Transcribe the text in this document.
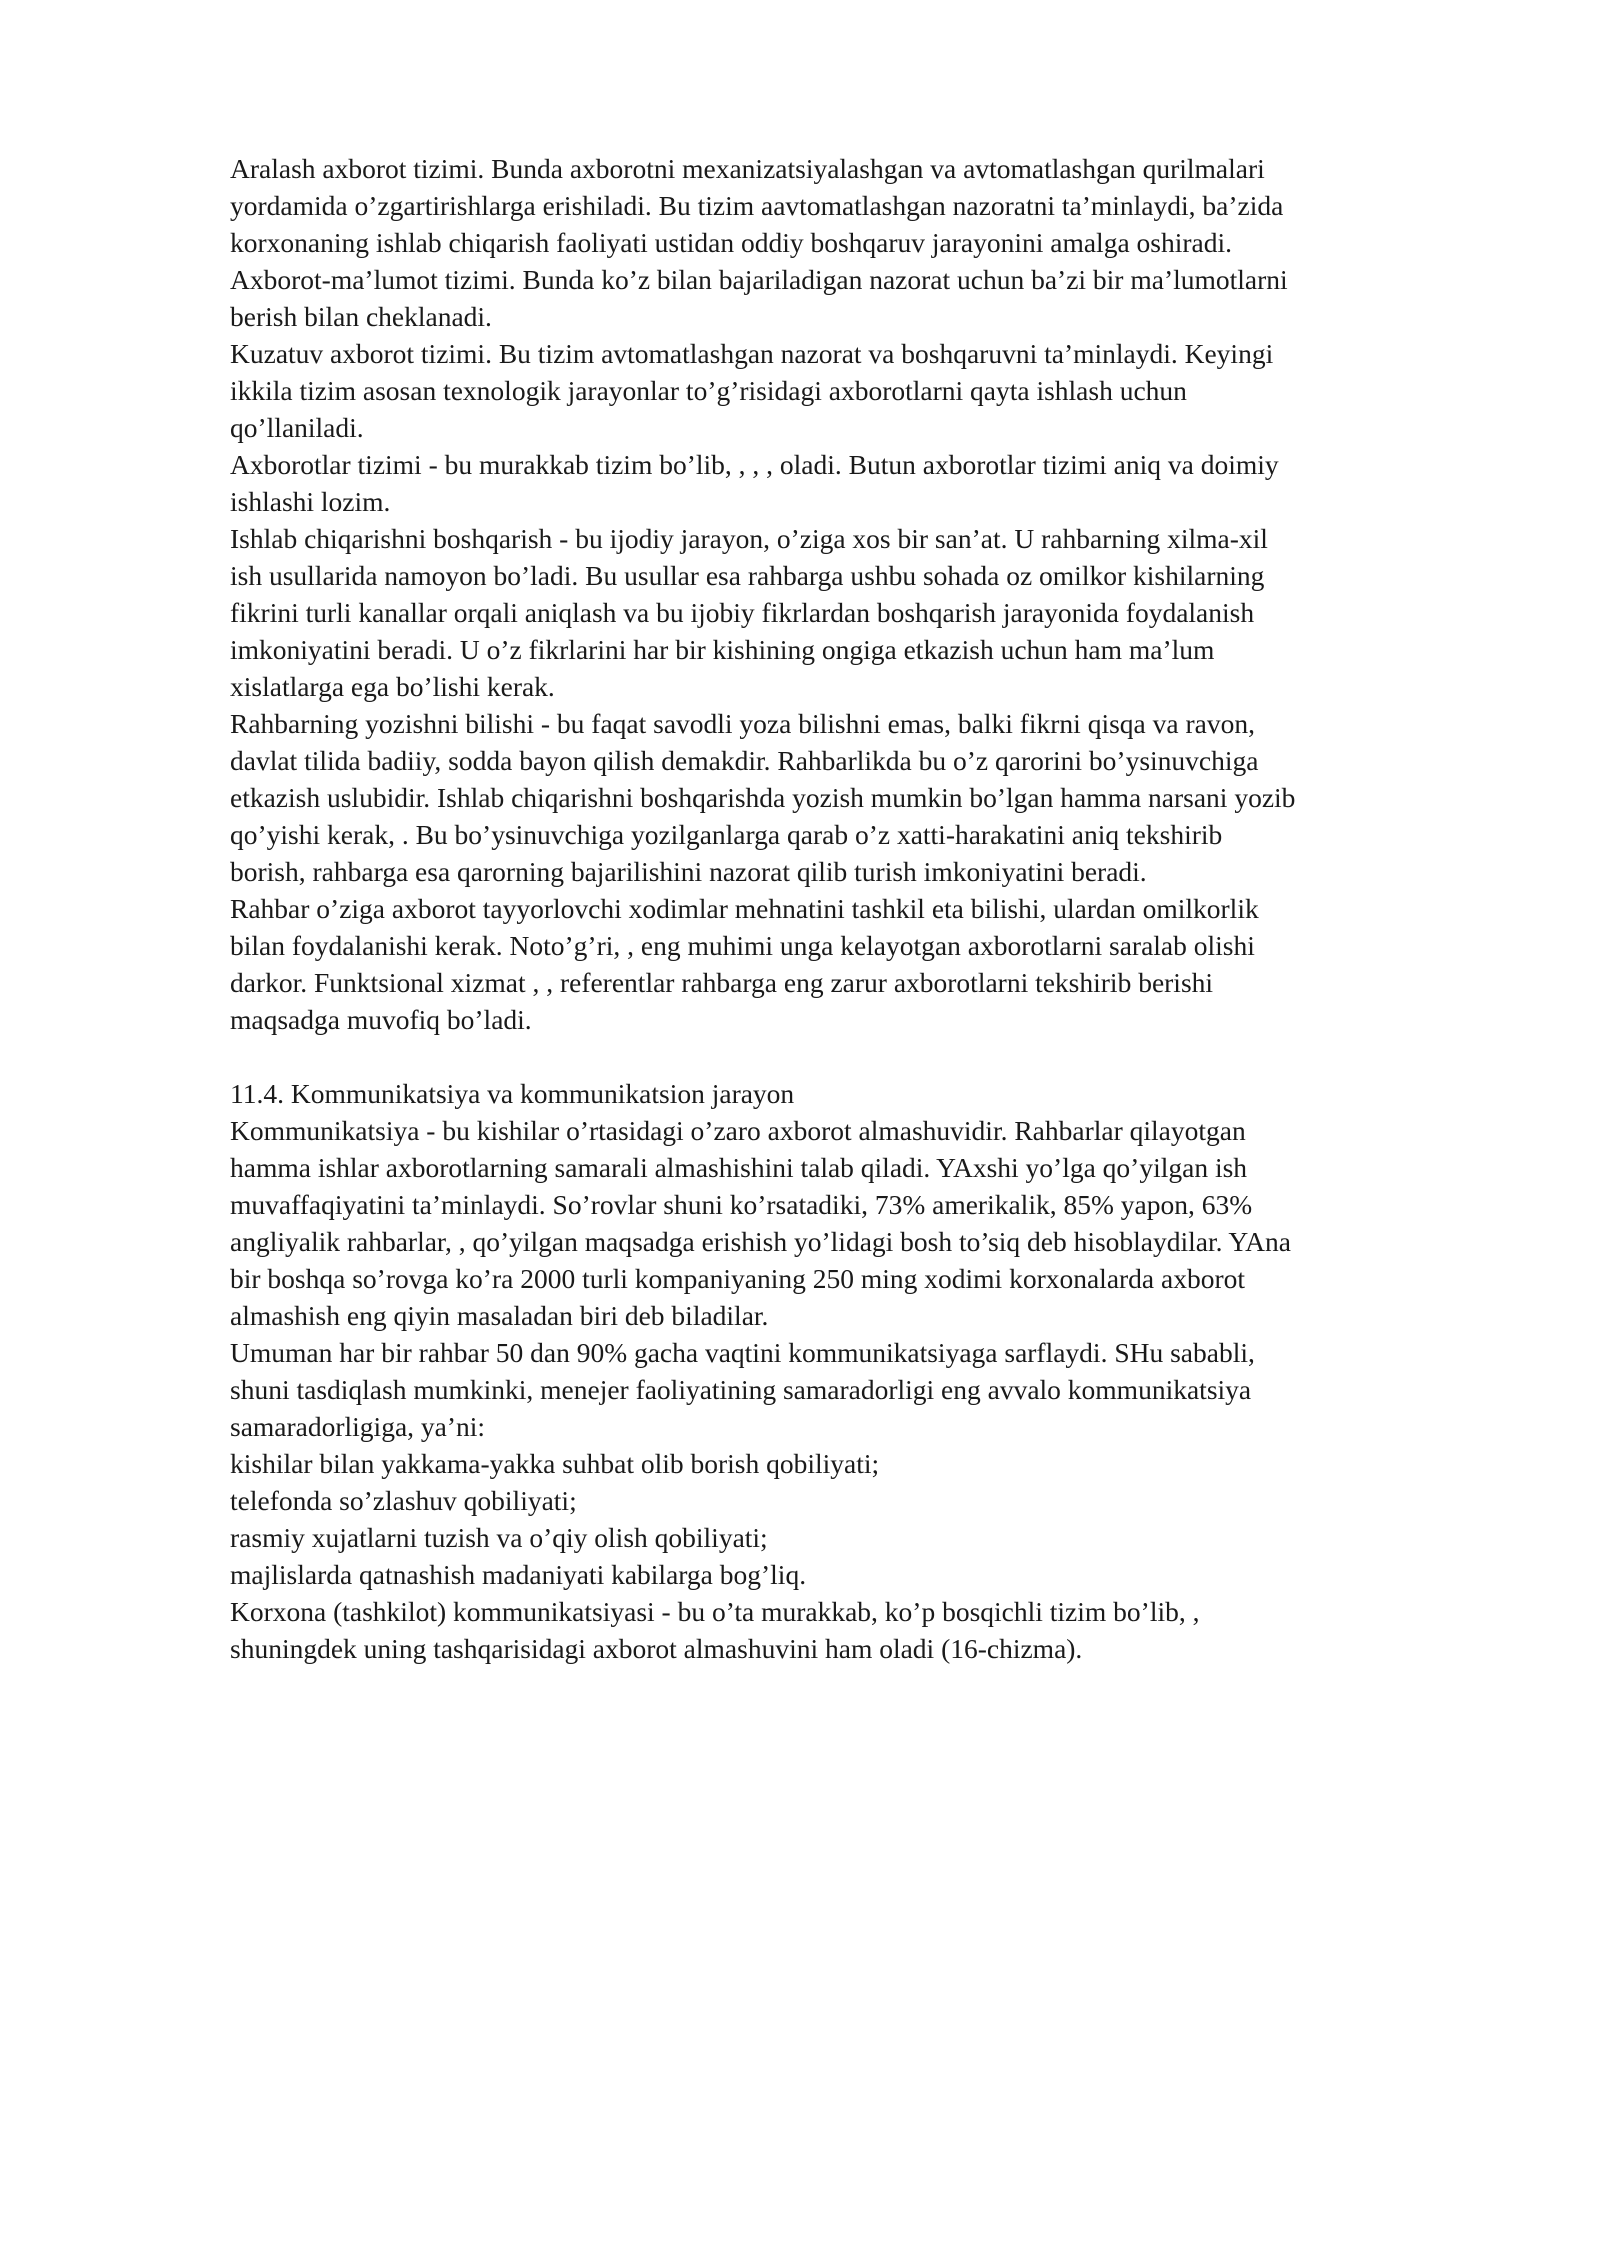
Aralash axborot tizimi. Bunda axborotni mexanizatsiyalashgan va avtomatlashgan qurilmalari
yordamida o’zgartirishlarga erishiladi. Bu tizim aavtomatlashgan nazoratni ta’minlaydi, ba’zida
korxonaning ishlab chiqarish faoliyati ustidan oddiy boshqaruv jarayonini amalga oshiradi.
Axborot-ma’lumot tizimi. Bunda ko’z bilan bajariladigan nazorat uchun ba’zi bir ma’lumotlarni
berish bilan cheklanadi.
Kuzatuv axborot tizimi. Bu tizim avtomatlashgan nazorat va boshqaruvni ta’minlaydi. Keyingi
ikkila tizim asosan texnologik jarayonlar to’g’risidagi axborotlarni qayta ishlash uchun
qo’llaniladi.
Axborotlar tizimi - bu murakkab tizim bo’lib, , , , oladi. Butun axborotlar tizimi aniq va doimiy
ishlashi lozim.
Ishlab chiqarishni boshqarish - bu ijodiy jarayon, o’ziga xos bir san’at. U rahbarning xilma-xil
ish usullarida namoyon bo’ladi. Bu usullar esa rahbarga ushbu sohada oz omilkor kishilarning
fikrini turli kanallar orqali aniqlash va bu ijobiy fikrlardan boshqarish jarayonida foydalanish
imkoniyatini beradi. U o’z fikrlarini har bir kishining ongiga etkazish uchun ham ma’lum
xislatlarga ega bo’lishi kerak.
Rahbarning yozishni bilishi - bu faqat savodli yoza bilishni emas, balki fikrni qisqa va ravon,
davlat tilida badiiy, sodda bayon qilish demakdir. Rahbarlikda bu o’z qarorini bo’ysinuvchiga
etkazish uslubidir. Ishlab chiqarishni boshqarishda yozish mumkin bo’lgan hamma narsani yozib
qo’yishi kerak, . Bu bo’ysinuvchiga yozilganlarga qarab o’z xatti-harakatini aniq tekshirib
borish, rahbarga esa qarorning bajarilishini nazorat qilib turish imkoniyatini beradi.
Rahbar o’ziga axborot tayyorlovchi xodimlar mehnatini tashkil eta bilishi, ulardan omilkorlik
bilan foydalanishi kerak. Noto’g’ri, , eng muhimi unga kelayotgan axborotlarni saralab olishi
darkor. Funktsional xizmat , , referentlar rahbarga eng zarur axborotlarni tekshirib berishi
maqsadga muvofiq bo’ladi.
11.4. Kommunikatsiya va kommunikatsion jarayon
Kommunikatsiya - bu kishilar o’rtasidagi o’zaro axborot almashuvidir. Rahbarlar qilayotgan
hamma ishlar axborotlarning samarali almashishini talab qiladi. YAxshi yo’lga qo’yilgan ish
muvaffaqiyatini ta’minlaydi. So’rovlar shuni ko’rsatadiki, 73% amerikalik, 85% yapon, 63%
angliyalik rahbarlar, , qo’yilgan maqsadga erishish yo’lidagi bosh to’siq deb hisoblaydilar. YAna
bir boshqa so’rovga ko’ra 2000 turli kompaniyaning 250 ming xodimi korxonalarda axborot
almashish eng qiyin masaladan biri deb biladilar.
Umuman har bir rahbar 50 dan 90% gacha vaqtini kommunikatsiyaga sarflaydi. SHu sababli,
shuni tasdiqlash mumkinki, menejer faoliyatining samaradorligi eng avvalo kommunikatsiya
samaradorligiga, ya’ni:
kishilar bilan yakkama-yakka suhbat olib borish qobiliyati;
telefonda so’zlashuv qobiliyati;
rasmiy xujatlarni tuzish va o’qiy olish qobiliyati;
majlislarda qatnashish madaniyati kabilarga bog’liq.
Korxona (tashkilot) kommunikatsiyasi - bu o’ta murakkab, ko’p bosqichli tizim bo’lib, ,
shuningdek uning tashqarisidagi axborot almashuvini ham oladi (16-chizma).
